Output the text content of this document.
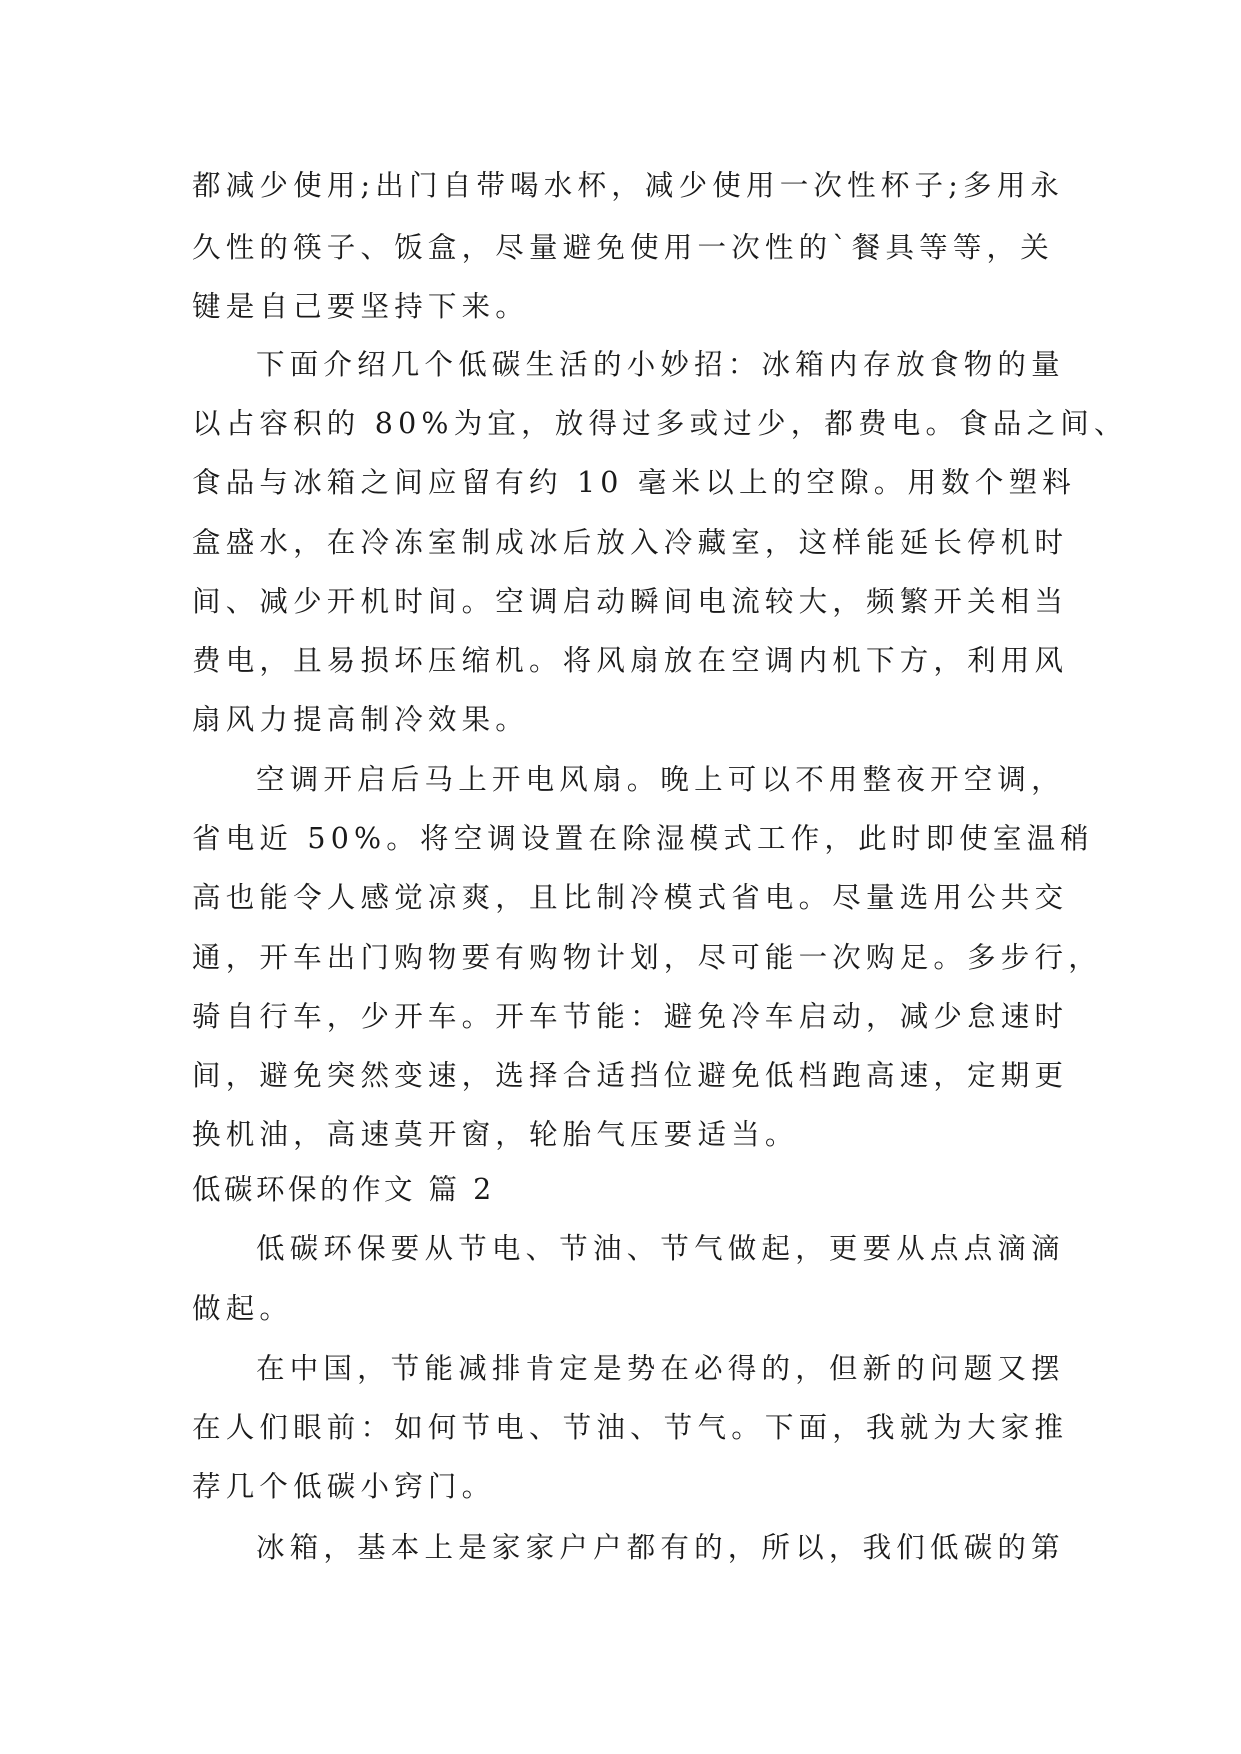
都减少使用;出门自带喝水杯，减少使用一次性杯子;多用永
久性的筷子、饭盒，尽量避免使用一次性的`餐具等等，关
键是自己要坚持下来。
下面介绍几个低碳生活的小妙招：冰箱内存放食物的量
以占容积的 80%为宜，放得过多或过少，都费电。食品之间、
食品与冰箱之间应留有约 10 毫米以上的空隙。用数个塑料
盒盛水，在冷冻室制成冰后放入冷藏室，这样能延长停机时
间、减少开机时间。空调启动瞬间电流较大，频繁开关相当
费电，且易损坏压缩机。将风扇放在空调内机下方，利用风
扇风力提高制冷效果。
空调开启后马上开电风扇。晚上可以不用整夜开空调，
省电近 50%。将空调设置在除湿模式工作，此时即使室温稍
高也能令人感觉凉爽，且比制冷模式省电。尽量选用公共交
通，开车出门购物要有购物计划，尽可能一次购足。多步行，
骑自行车，少开车。开车节能：避免冷车启动，减少怠速时
间，避免突然变速，选择合适挡位避免低档跑高速，定期更
换机油，高速莫开窗，轮胎气压要适当。
低碳环保的作文 篇 2
低碳环保要从节电、节油、节气做起，更要从点点滴滴
做起。
在中国，节能减排肯定是势在必得的，但新的问题又摆
在人们眼前：如何节电、节油、节气。下面，我就为大家推
荐几个低碳小窍门。
冰箱，基本上是家家户户都有的，所以，我们低碳的第
